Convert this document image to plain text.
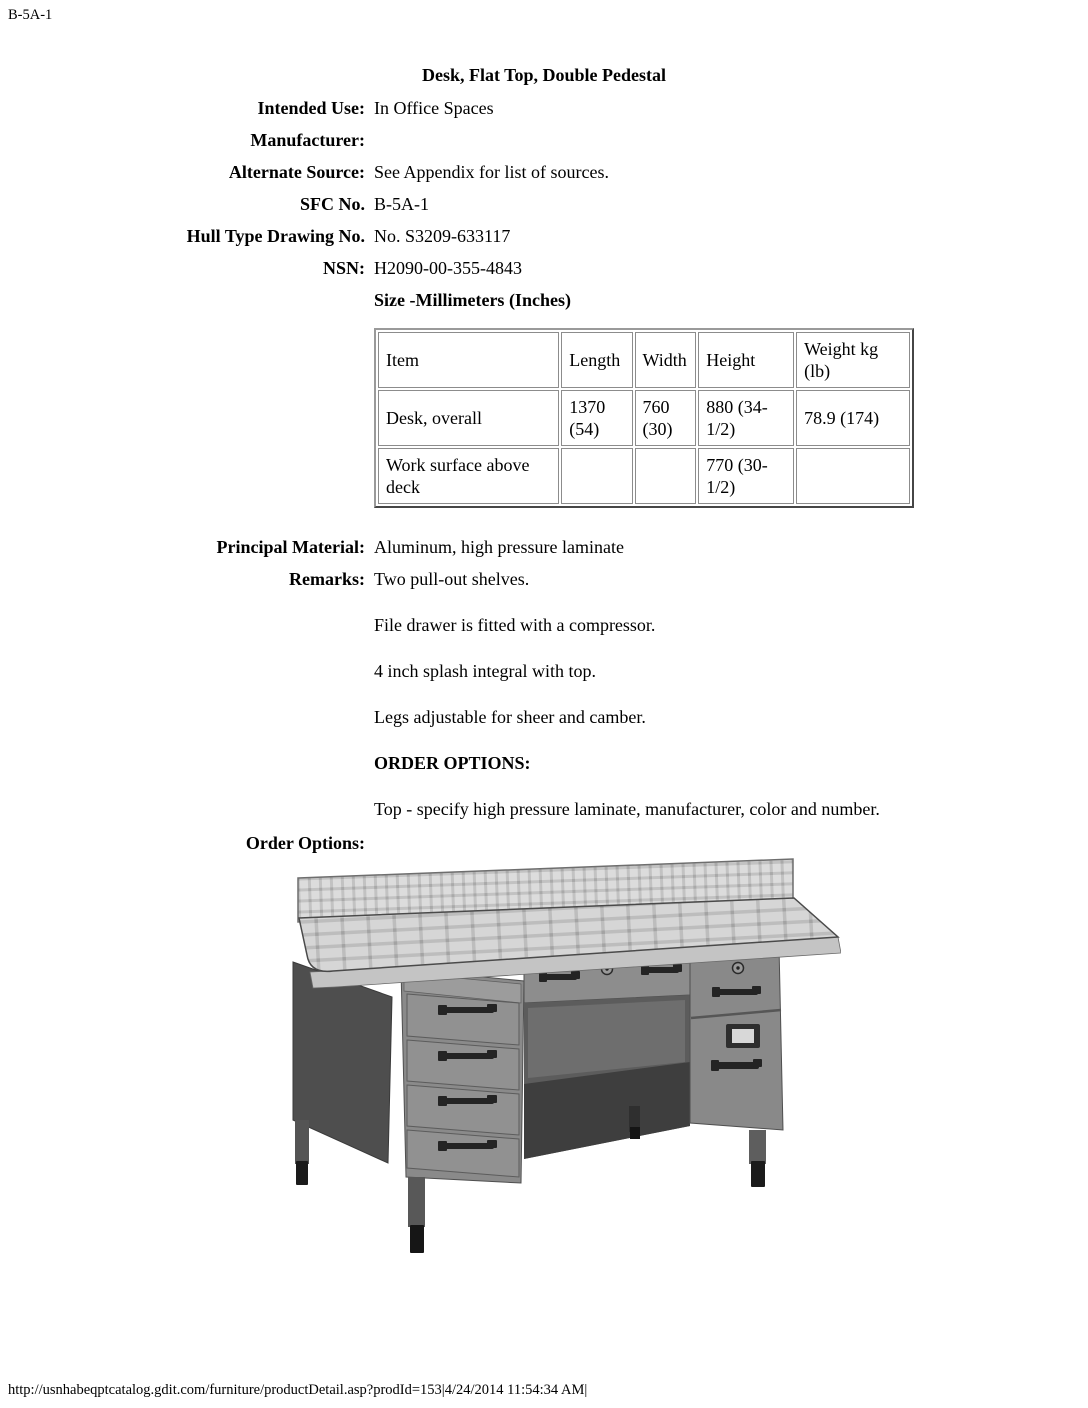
B-5A-1
Desk, Flat Top, Double Pedestal
Intended Use: In Office Spaces
Manufacturer:
Alternate Source: See Appendix for list of sources.
SFC No. B-5A-1
Hull Type Drawing No. No. S3209-633117
NSN: H2090-00-355-4843
Size -Millimeters (Inches)
Item	Length	Width	Height	Weight kg (lb)
Desk, overall	1370 (54)	760 (30)	880 (34-1/2)	78.9 (174)
Work surface above deck			770 (30-1/2)	
Principal Material: Aluminum, high pressure laminate
Remarks: Two pull-out shelves.
File drawer is fitted with a compressor.
4 inch splash integral with top.
Legs adjustable for sheer and camber.
ORDER OPTIONS:
Top - specify high pressure laminate, manufacturer, color and number.
Order Options:
http://usnhabeqptcatalog.gdit.com/furniture/productDetail.asp?prodId=153|4/24/2014 11:54:34 AM|
